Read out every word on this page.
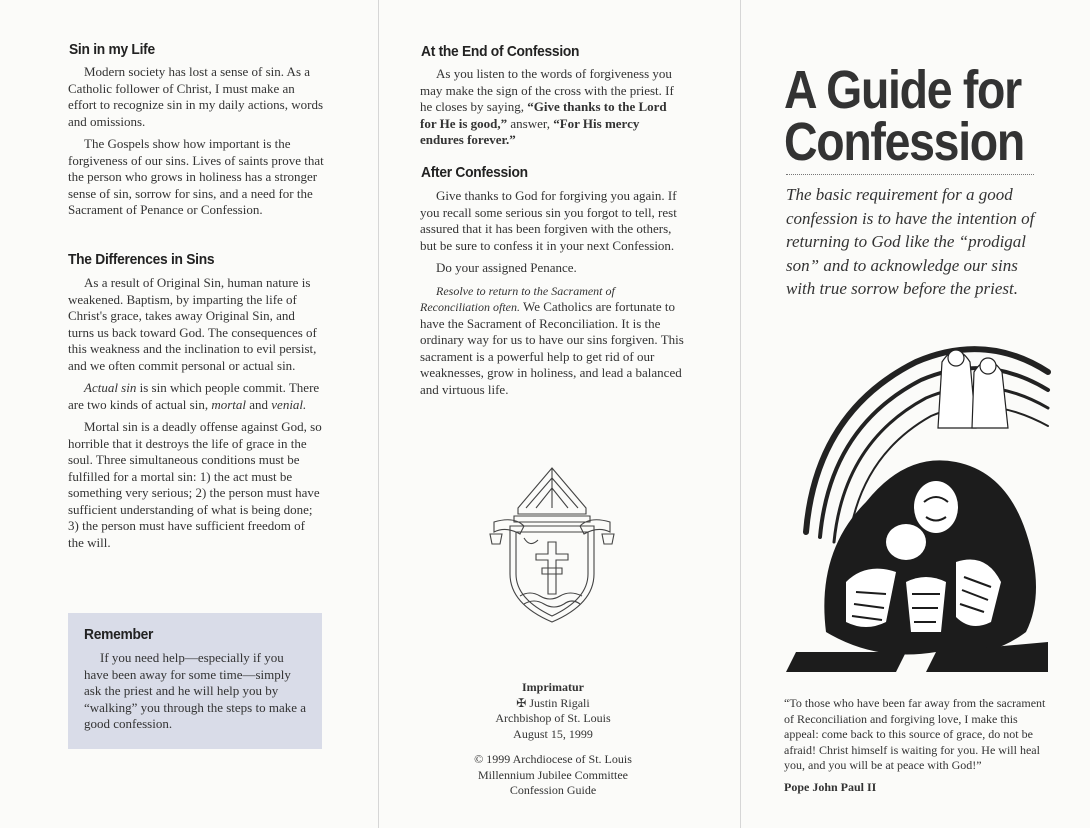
Sin in my Life

Modern society has lost a sense of sin. As a Catholic follower of Christ, I must make an effort to recognize sin in my daily actions, words and omissions.

The Gospels show how important is the forgiveness of our sins. Lives of saints prove that the person who grows in holiness has a stronger sense of sin, sorrow for sins, and a need for the Sacrament of Penance or Confession.

The Differences in Sins

As a result of Original Sin, human nature is weakened. Baptism, by imparting the life of Christ's grace, takes away Original Sin, and turns us back toward God. The consequences of this weakness and the inclination to evil persist, and we often commit personal or actual sin.

Actual sin is sin which people commit. There are two kinds of actual sin, mortal and venial.

Mortal sin is a deadly offense against God, so horrible that it destroys the life of grace in the soul. Three simultaneous conditions must be fulfilled for a mortal sin: 1) the act must be something very serious; 2) the person must have sufficient understanding of what is being done; 3) the person must have sufficient freedom of the will.

Remember

If you need help—especially if you have been away for some time—simply ask the priest and he will help you by “walking” you through the steps to make a good confession.

At the End of Confession

As you listen to the words of forgiveness you may make the sign of the cross with the priest. If he closes by saying, “Give thanks to the Lord for He is good,” answer, “For His mercy endures forever.”

After Confession

Give thanks to God for forgiving you again. If you recall some serious sin you forgot to tell, rest assured that it has been forgiven with the others, but be sure to confess it in your next Confession.

Do your assigned Penance.

Resolve to return to the Sacrament of Reconciliation often. We Catholics are fortunate to have the Sacrament of Reconciliation. It is the ordinary way for us to have our sins forgiven. This sacrament is a powerful help to get rid of our weaknesses, grow in holiness, and lead a balanced and virtuous life.

Imprimatur

✠ Justin Rigali

Archbishop of St. Louis

August 15, 1999

© 1999 Archdiocese of St. Louis

Millennium Jubilee Committee

Confession Guide

A Guide for
Confession
The basic requirement for a good confession is to have the intention of returning to God like the “prodigal son” and to acknowledge our sins with true sorrow before the priest.

“To those who have been far away from the sacrament of Reconciliation and forgiving love, I make this appeal: come back to this source of grace, do not be afraid! Christ himself is waiting for you. He will heal you, and you will be at peace with God!”

Pope John Paul II
